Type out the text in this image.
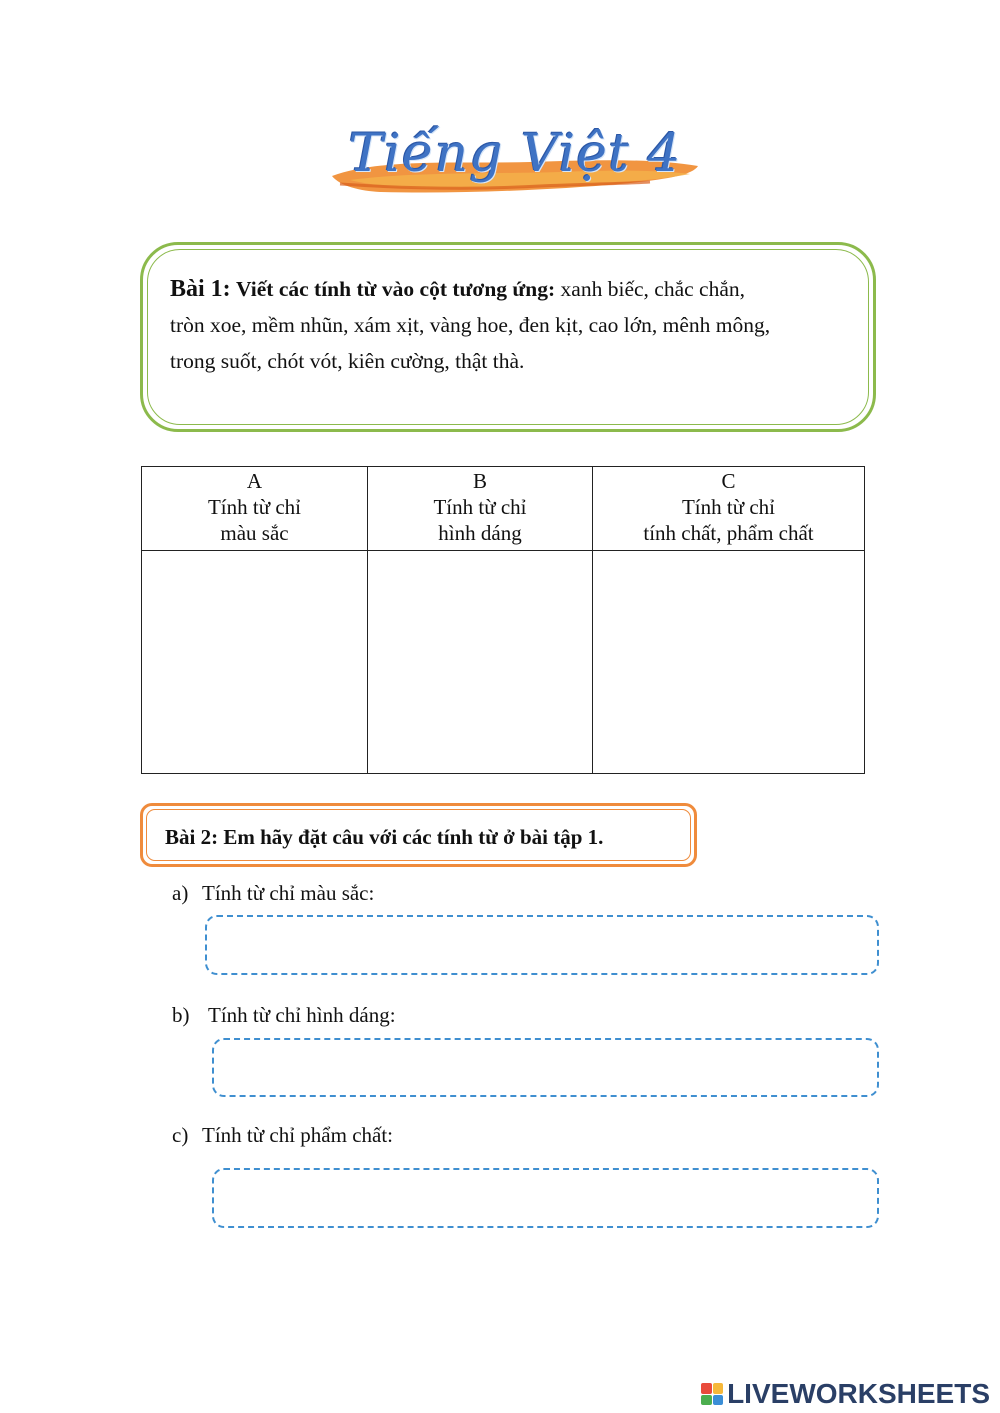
Tiếng Việt 4
Bài 1: Viết các tính từ vào cột tương ứng: xanh biếc, chắc chắn,
tròn xoe, mềm nhũn, xám xịt, vàng hoe, đen kịt, cao lớn, mênh mông,
trong suốt, chót vót, kiên cường, thật thà.
A
Tính từ chỉ
màu sắc	B
Tính từ chỉ
hình dáng	C
Tính từ chỉ
tính chất, phẩm chất

Bài 2: Em hãy đặt câu với các tính từ ở bài tập 1.
a) Tính từ chỉ màu sắc:
b) Tính từ chỉ hình dáng:
c) Tính từ chỉ phẩm chất:
LIVEWORKSHEETS
